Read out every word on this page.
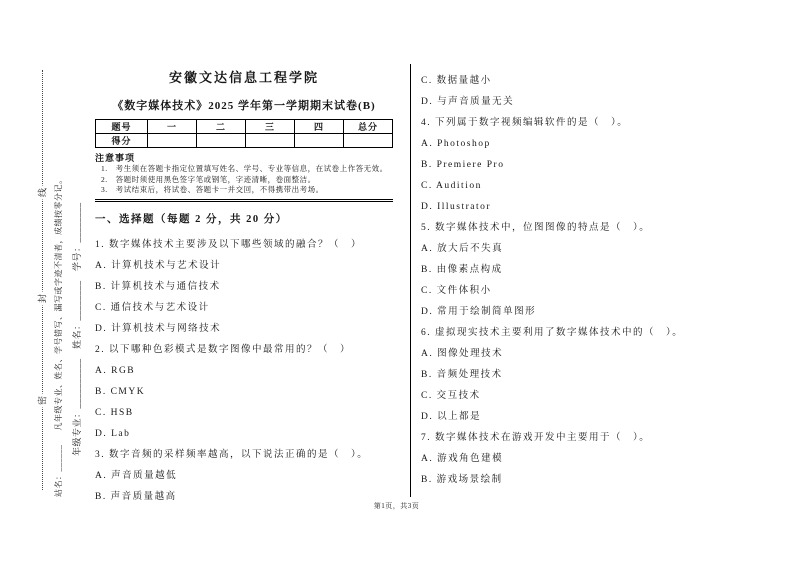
线
封
密
站名：______凡年级专业、姓名、学号错写、漏写或字迹不清者，成绩按零分记。 年级专业：__________　姓名：________　学号：________
安徽文达信息工程学院
《数字媒体技术》2025 学年第一学期期末试卷(B)
题号	一	二	三	四	总分
得分					
注意事项
1.　考生须在答题卡指定位置填写姓名、学号、专业等信息，在试卷上作答无效。
2.　答题时须使用黑色签字笔或钢笔，字迹清晰，卷面整洁。
3.　考试结束后，将试卷、答题卡一并交回，不得携带出考场。
一、选择题（每题 2 分，共 20 分）
1. 数字媒体技术主要涉及以下哪些领域的融合？（　）
A. 计算机技术与艺术设计
B. 计算机技术与通信技术
C. 通信技术与艺术设计
D. 计算机技术与网络技术
2. 以下哪种色彩模式是数字图像中最常用的？（　）
A. RGB
B. CMYK
C. HSB
D. Lab
3. 数字音频的采样频率越高，以下说法正确的是（　）。
A. 声音质量越低
B. 声音质量越高
C. 数据量越小
D. 与声音质量无关
4. 下列属于数字视频编辑软件的是（　）。
A. Photoshop
B. Premiere Pro
C. Audition
D. Illustrator
5. 数字媒体技术中，位图图像的特点是（　）。
A. 放大后不失真
B. 由像素点构成
C. 文件体积小
D. 常用于绘制简单图形
6. 虚拟现实技术主要利用了数字媒体技术中的（　）。
A. 图像处理技术
B. 音频处理技术
C. 交互技术
D. 以上都是
7. 数字媒体技术在游戏开发中主要用于（　）。
A. 游戏角色建模
B. 游戏场景绘制
第1页，共3页
